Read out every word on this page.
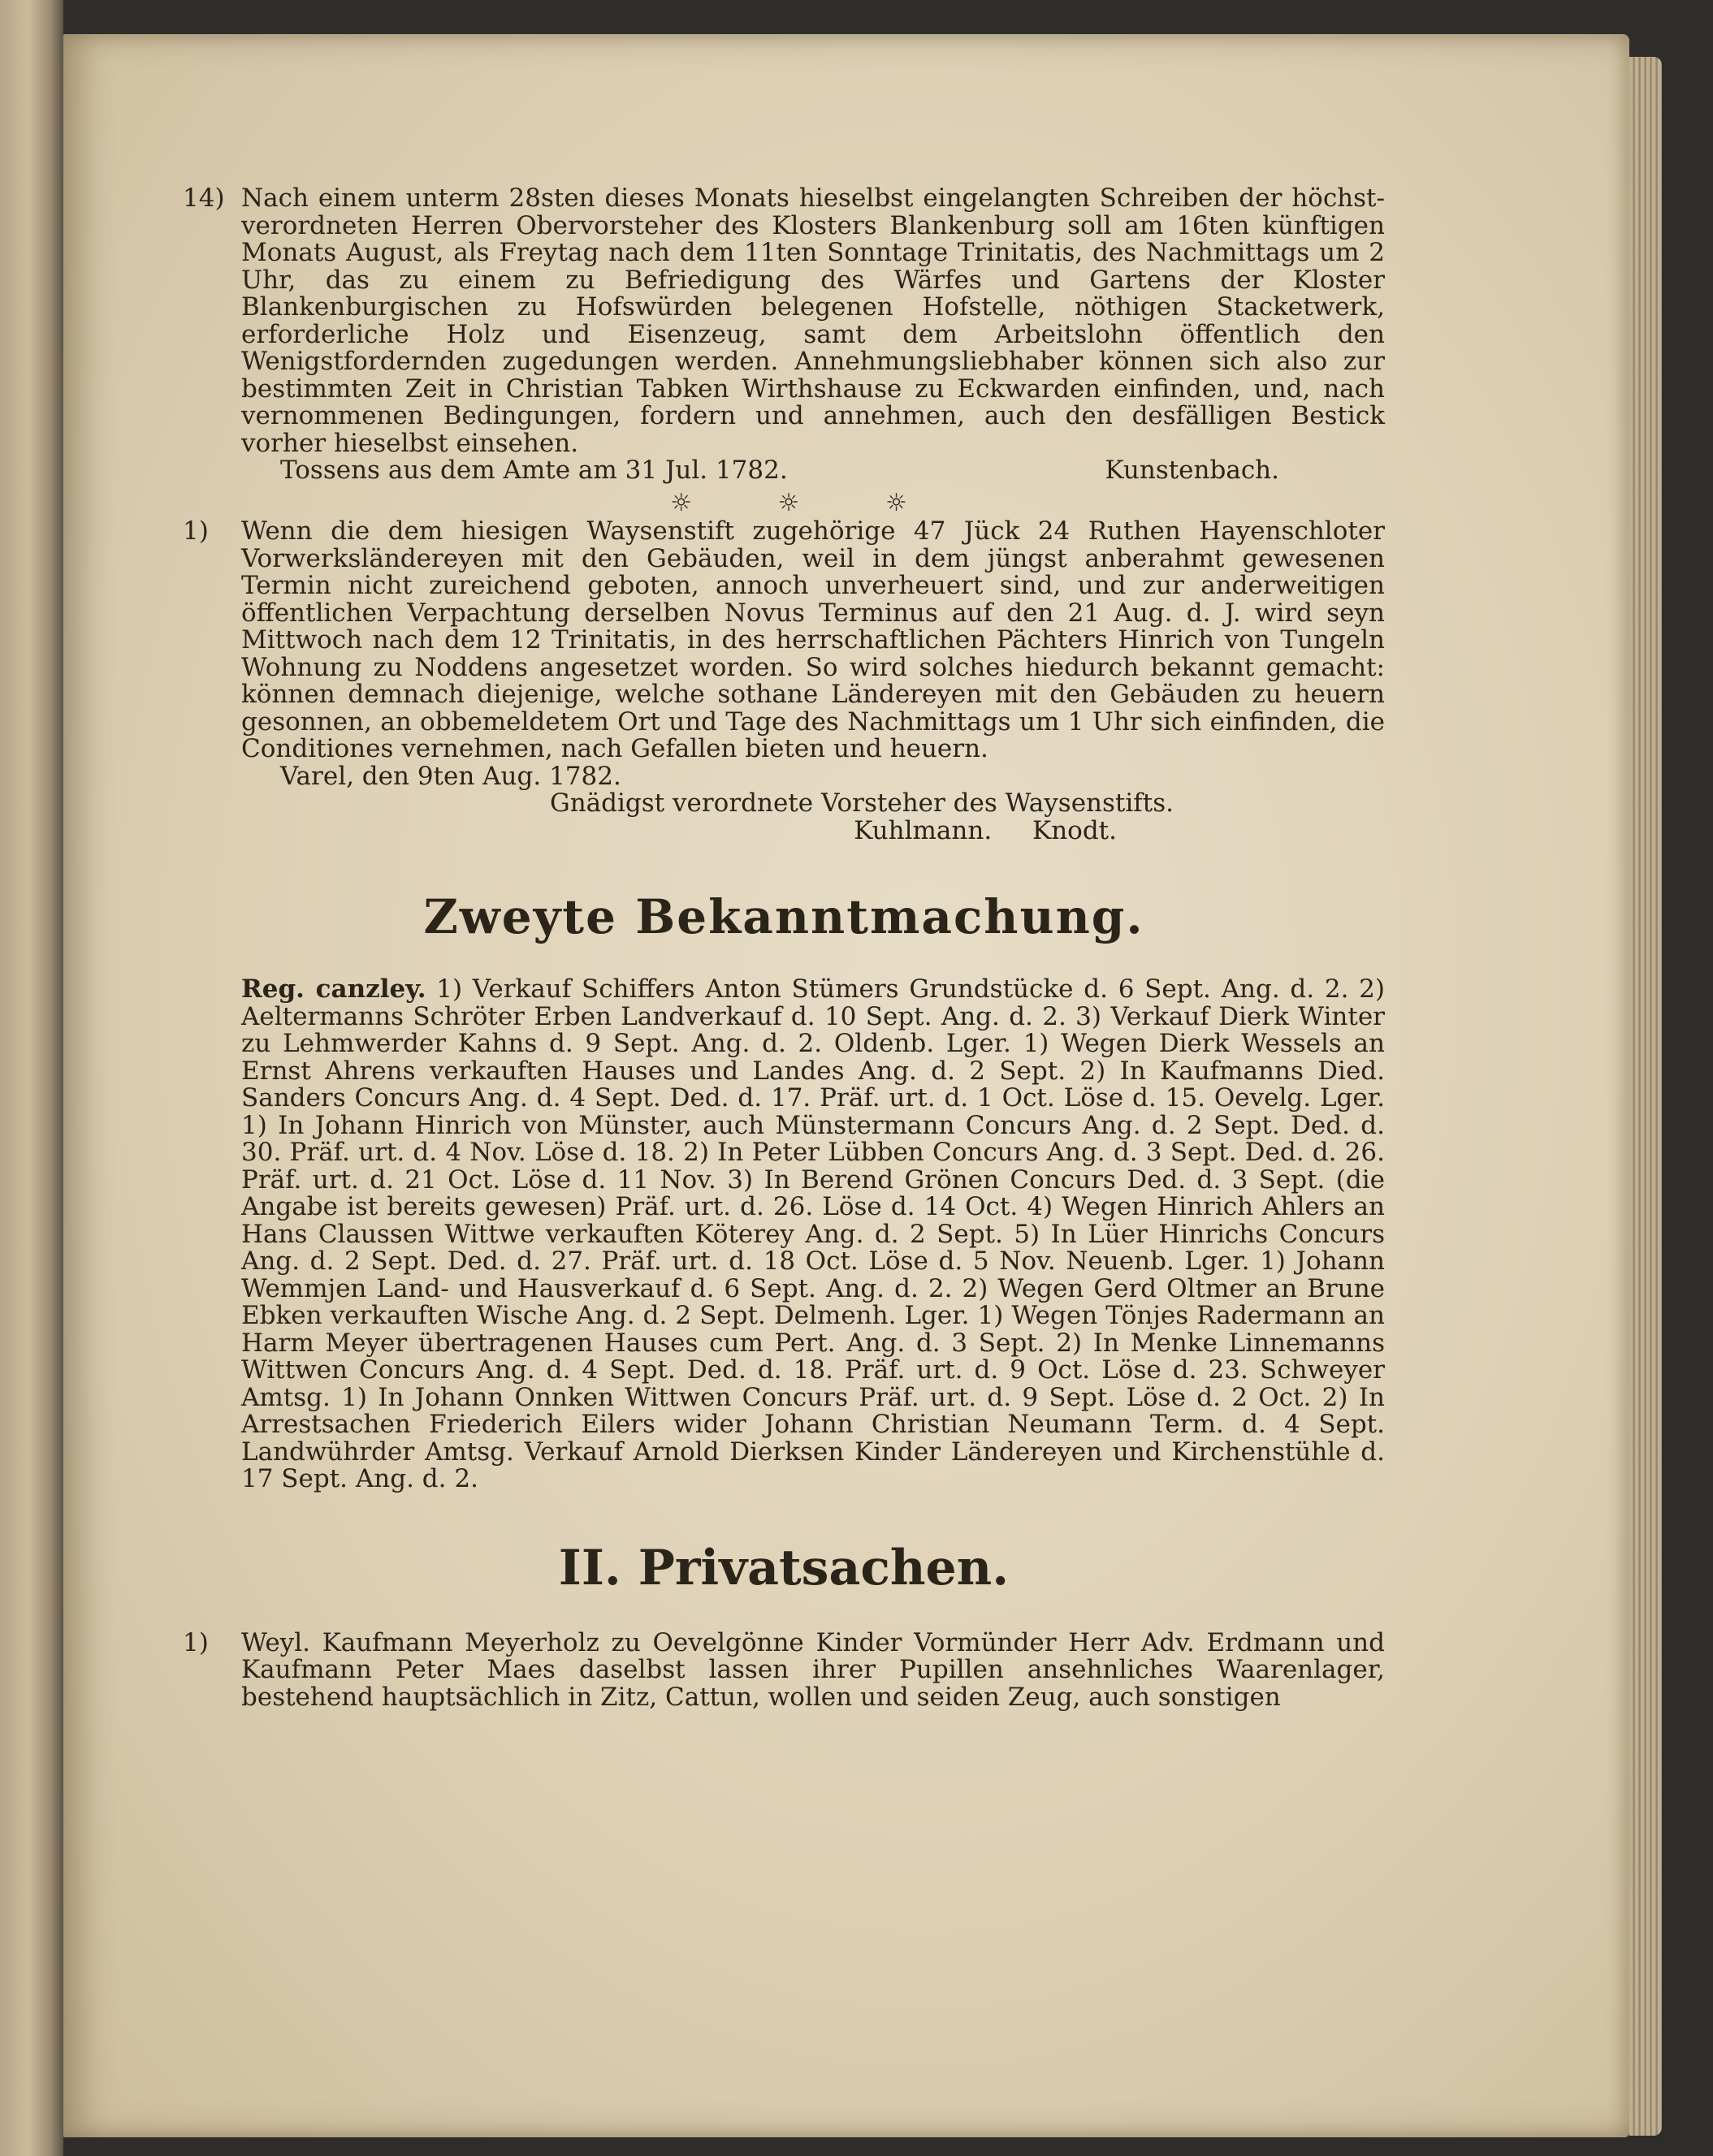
14) Nach einem unterm 28sten dieses Monats hieselbst eingelangten Schreiben der höchst-verordneten Herren Obervorsteher des Klosters Blankenburg soll am 16ten künftigen Monats August, als Freytag nach dem 11ten Sonntage Trinitatis, des Nachmittags um 2 Uhr, das zu einem zu Befriedigung des Wärfes und Gartens der Kloster Blankenburgischen zu Hofswürden belegenen Hofstelle, nöthigen Stacketwerk, erforderliche Holz und Eisenzeug, samt dem Arbeitslohn öffentlich den Wenigstfordernden zugedungen werden. Annehmungsliebhaber können sich also zur bestimmten Zeit in Christian Tabken Wirthshause zu Eckwarden einfinden, und, nach vernommenen Bedingungen, fordern und annehmen, auch den desfälligen Bestick vorher hieselbst einsehen.

Tossens aus dem Amte am 31 Jul. 1782.	Kunstenbach.
☼ ☼ ☼
1) Wenn die dem hiesigen Waysenstift zugehörige 47 Jück 24 Ruthen Hayenschloter Vorwerksländereyen mit den Gebäuden, weil in dem jüngst anberahmt gewesenen Termin nicht zureichend geboten, annoch unverheuert sind, und zur anderweitigen öffentlichen Verpachtung derselben Novus Terminus auf den 21 Aug. d. J. wird seyn Mittwoch nach dem 12 Trinitatis, in des herrschaftlichen Pächters Hinrich von Tungeln Wohnung zu Noddens angesetzet worden. So wird solches hiedurch bekannt gemacht: können demnach diejenige, welche sothane Ländereyen mit den Gebäuden zu heuern gesonnen, an obbemeldetem Ort und Tage des Nachmittags um 1 Uhr sich einfinden, die Conditiones vernehmen, nach Gefallen bieten und heuern.

Varel, den 9ten Aug. 1782.
Gnädigst verordnete Vorsteher des Waysenstifts.
Kuhlmann. Knodt.
Zweyte Bekanntmachung.

Reg. canzley. 1) Verkauf Schiffers Anton Stümers Grundstücke d. 6 Sept. Ang. d. 2. 2) Aeltermanns Schröter Erben Landverkauf d. 10 Sept. Ang. d. 2. 3) Verkauf Dierk Winter zu Lehmwerder Kahns d. 9 Sept. Ang. d. 2. Oldenb. Lger. 1) Wegen Dierk Wessels an Ernst Ahrens verkauften Hauses und Landes Ang. d. 2 Sept. 2) In Kaufmanns Died. Sanders Concurs Ang. d. 4 Sept. Ded. d. 17. Präf. urt. d. 1 Oct. Löse d. 15. Oevelg. Lger. 1) In Johann Hinrich von Münster, auch Münstermann Concurs Ang. d. 2 Sept. Ded. d. 30. Präf. urt. d. 4 Nov. Löse d. 18. 2) In Peter Lübben Concurs Ang. d. 3 Sept. Ded. d. 26. Präf. urt. d. 21 Oct. Löse d. 11 Nov. 3) In Berend Grönen Concurs Ded. d. 3 Sept. (die Angabe ist bereits gewesen) Präf. urt. d. 26. Löse d. 14 Oct. 4) Wegen Hinrich Ahlers an Hans Claussen Wittwe verkauften Köterey Ang. d. 2 Sept. 5) In Lüer Hinrichs Concurs Ang. d. 2 Sept. Ded. d. 27. Präf. urt. d. 18 Oct. Löse d. 5 Nov. Neuenb. Lger. 1) Johann Wemmjen Land- und Hausverkauf d. 6 Sept. Ang. d. 2. 2) Wegen Gerd Oltmer an Brune Ebken verkauften Wische Ang. d. 2 Sept. Delmenh. Lger. 1) Wegen Tönjes Radermann an Harm Meyer übertragenen Hauses cum Pert. Ang. d. 3 Sept. 2) In Menke Linnemanns Wittwen Concurs Ang. d. 4 Sept. Ded. d. 18. Präf. urt. d. 9 Oct. Löse d. 23. Schweyer Amtsg. 1) In Johann Onnken Wittwen Concurs Präf. urt. d. 9 Sept. Löse d. 2 Oct. 2) In Arrestsachen Friederich Eilers wider Johann Christian Neumann Term. d. 4 Sept. Landwührder Amtsg. Verkauf Arnold Dierksen Kinder Ländereyen und Kirchenstühle d. 17 Sept. Ang. d. 2.

II. Privatsachen.
1) Weyl. Kaufmann Meyerholz zu Oevelgönne Kinder Vormünder Herr Adv. Erdmann und Kaufmann Peter Maes daselbst lassen ihrer Pupillen ansehnliches Waarenlager, bestehend hauptsächlich in Zitz, Cattun, wollen und seiden Zeug, auch sonstigen
